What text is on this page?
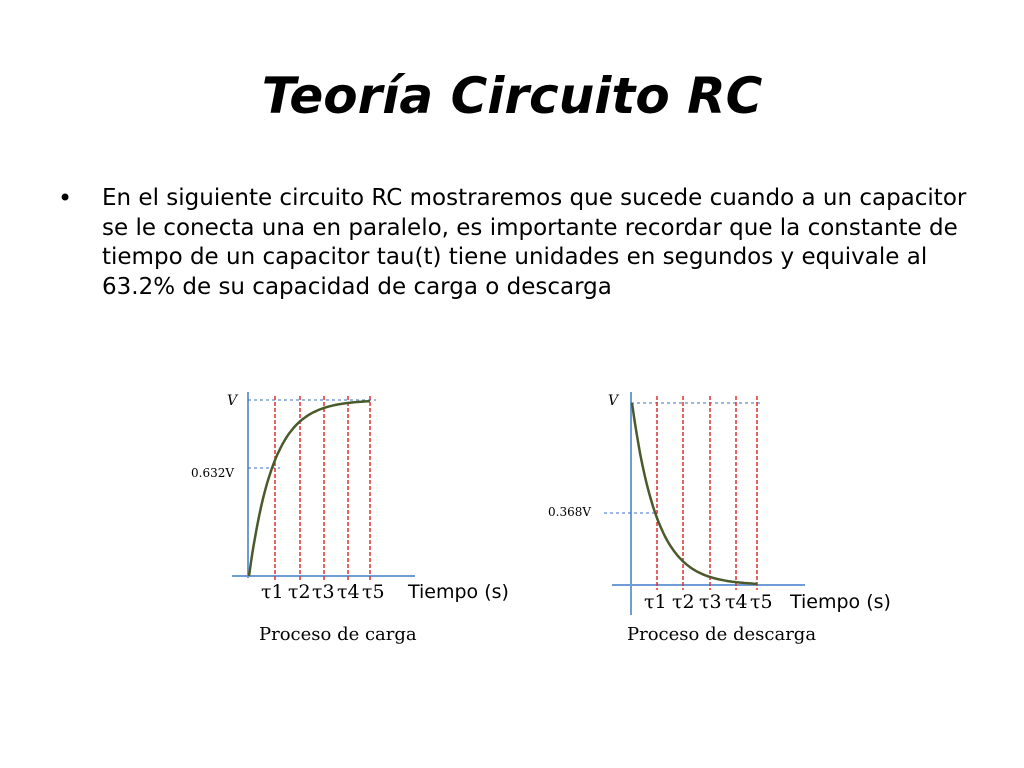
Teoría Circuito RC
• En el siguiente circuito RC mostraremos que sucede cuando a un capacitor se le conecta una en paralelo, es importante recordar que la constante de tiempo de un capacitor tau(t) tiene unidades en segundos y equivale al 63.2% de su capacidad de carga o descarga

V
0.632V
τ1 τ2 τ3 τ4 τ5 Tiempo (s)
Proceso de carga
V
0.368V
τ1 τ2 τ3 τ4 τ5 Tiempo (s)
Proceso de descarga
